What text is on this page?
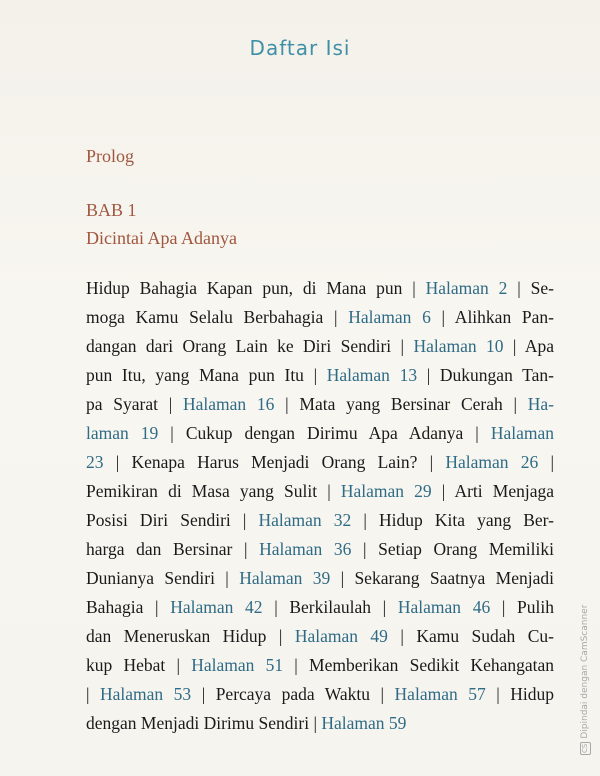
Daftar Isi
Prolog
BAB 1
Dicintai Apa Adanya
Hidup Bahagia Kapan pun, di Mana pun | Halaman 2 | Se-
moga Kamu Selalu Berbahagia | Halaman 6 | Alihkan Pan-
dangan dari Orang Lain ke Diri Sendiri | Halaman 10 | Apa
pun Itu, yang Mana pun Itu | Halaman 13 | Dukungan Tan-
pa Syarat | Halaman 16 | Mata yang Bersinar Cerah | Ha-
laman 19 | Cukup dengan Dirimu Apa Adanya | Halaman
23 | Kenapa Harus Menjadi Orang Lain? | Halaman 26 |
Pemikiran di Masa yang Sulit | Halaman 29 | Arti Menjaga
Posisi Diri Sendiri | Halaman 32 | Hidup Kita yang Ber-
harga dan Bersinar | Halaman 36 | Setiap Orang Memiliki
Dunianya Sendiri | Halaman 39 | Sekarang Saatnya Menjadi
Bahagia | Halaman 42 | Berkilaulah | Halaman 46 | Pulih
dan Meneruskan Hidup | Halaman 49 | Kamu Sudah Cu-
kup Hebat | Halaman 51 | Memberikan Sedikit Kehangatan
| Halaman 53 | Percaya pada Waktu | Halaman 57 | Hidup
dengan Menjadi Dirimu Sendiri | Halaman 59
CSDipindai dengan CamScanner
